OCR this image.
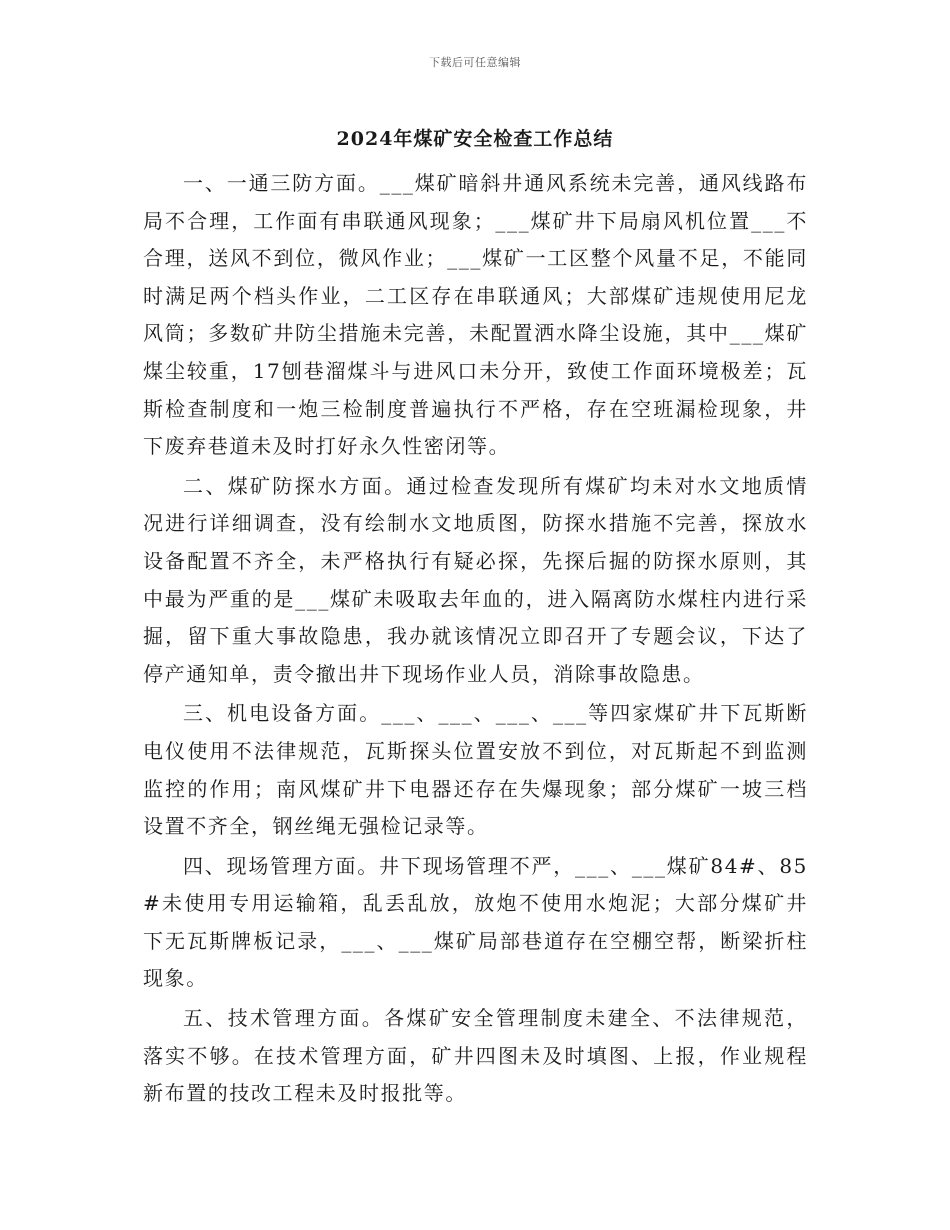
下载后可任意编辑
2024年煤矿安全检查工作总结

一、一通三防方面。___煤矿暗斜井通风系统未完善，通风线路布局不合理，工作面有串联通风现象；___煤矿井下局扇风机位置___不合理，送风不到位，微风作业；___煤矿一工区整个风量不足，不能同时满足两个档头作业，二工区存在串联通风；大部煤矿违规使用尼龙风筒；多数矿井防尘措施未完善，未配置洒水降尘设施，其中___煤矿煤尘较重，17刨巷溜煤斗与进风口未分开，致使工作面环境极差；瓦斯检查制度和一炮三检制度普遍执行不严格，存在空班漏检现象，井下废弃巷道未及时打好永久性密闭等。

二、煤矿防探水方面。通过检查发现所有煤矿均未对水文地质情况进行详细调查，没有绘制水文地质图，防探水措施不完善，探放水设备配置不齐全，未严格执行有疑必探，先探后掘的防探水原则，其中最为严重的是___煤矿未吸取去年血的，进入隔离防水煤柱内进行采掘，留下重大事故隐患，我办就该情况立即召开了专题会议，下达了停产通知单，责令撤出井下现场作业人员，消除事故隐患。

三、机电设备方面。___、___、___、___等四家煤矿井下瓦斯断电仪使用不法律规范，瓦斯探头位置安放不到位，对瓦斯起不到监测监控的作用；南风煤矿井下电器还存在失爆现象；部分煤矿一坡三档设置不齐全，钢丝绳无强检记录等。

四、现场管理方面。井下现场管理不严，___、___煤矿84#、85#未使用专用运输箱，乱丢乱放，放炮不使用水炮泥；大部分煤矿井下无瓦斯牌板记录，___、___煤矿局部巷道存在空棚空帮，断梁折柱现象。

五、技术管理方面。各煤矿安全管理制度未建全、不法律规范，落实不够。在技术管理方面，矿井四图未及时填图、上报，作业规程新布置的技改工程未及时报批等。
